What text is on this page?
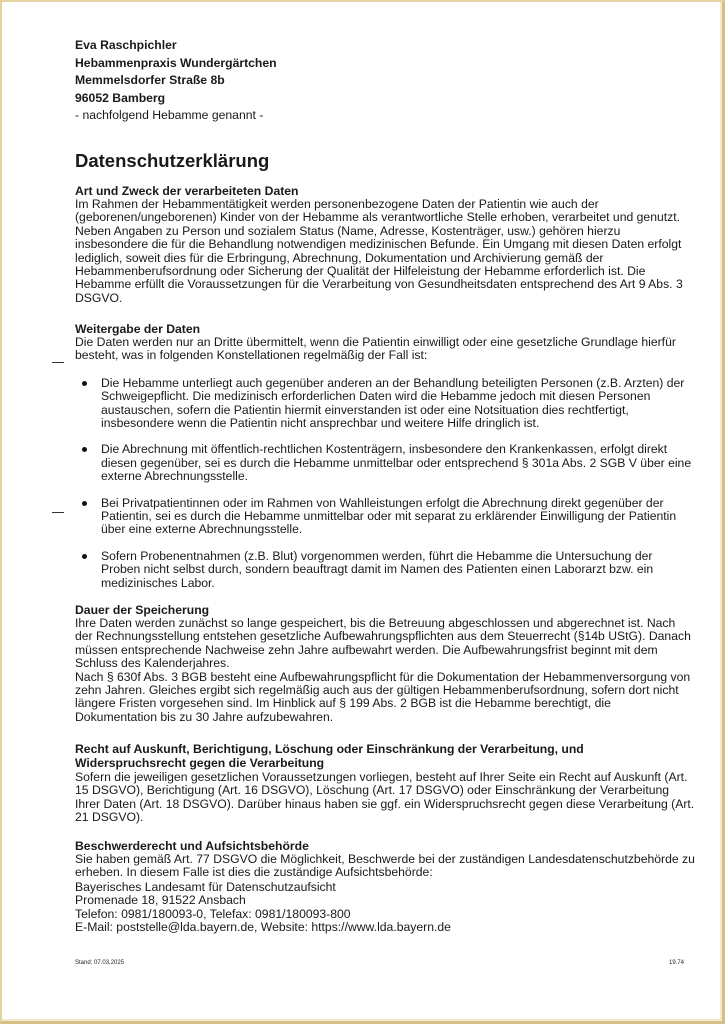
Eva Raschpichler
Hebammenpraxis Wundergärtchen
Memmelsdorfer Straße 8b
96052 Bamberg
- nachfolgend Hebamme genannt -
Datenschutzerklärung
Art und Zweck der verarbeiteten Daten

Im Rahmen der Hebammentätigkeit werden personenbezogene Daten der Patientin wie auch der (geborenen/ungeborenen) Kinder von der Hebamme als verantwortliche Stelle erhoben, verarbeitet und genutzt. Neben Angaben zu Person und sozialem Status (Name, Adresse, Kostenträger, usw.) gehören hierzu insbesondere die für die Behandlung notwendigen medizinischen Befunde. Ein Umgang mit diesen Daten erfolgt lediglich, soweit dies für die Erbringung, Abrechnung, Dokumentation und Archivierung gemäß der Hebammenberufsordnung oder Sicherung der Qualität der Hilfeleistung der Hebamme erforderlich ist. Die Hebamme erfüllt die Voraussetzungen für die Verarbeitung von Gesundheitsdaten entsprechend des Art 9 Abs. 3 DSGVO.

Weitergabe der Daten

Die Daten werden nur an Dritte übermittelt, wenn die Patientin einwilligt oder eine gesetzliche Grundlage hierfür besteht, was in folgenden Konstellationen regelmäßig der Fall ist:

Die Hebamme unterliegt auch gegenüber anderen an der Behandlung beteiligten Personen (z.B. Arzten) der Schweigepflicht. Die medizinisch erforderlichen Daten wird die Hebamme jedoch mit diesen Personen austauschen, sofern die Patientin hiermit einverstanden ist oder eine Notsituation dies rechtfertigt, insbesondere wenn die Patientin nicht ansprechbar und weitere Hilfe dringlich ist.
Die Abrechnung mit öffentlich-rechtlichen Kostenträgern, insbesondere den Krankenkassen, erfolgt direkt diesen gegenüber, sei es durch die Hebamme unmittelbar oder entsprechend § 301a Abs. 2 SGB V über eine externe Abrechnungsstelle.
Bei Privatpatientinnen oder im Rahmen von Wahlleistungen erfolgt die Abrechnung direkt gegenüber der Patientin, sei es durch die Hebamme unmittelbar oder mit separat zu erklärender Einwilligung der Patientin über eine externe Abrechnungsstelle.
Sofern Probenentnahmen (z.B. Blut) vorgenommen werden, führt die Hebamme die Untersuchung der Proben nicht selbst durch, sondern beauftragt damit im Namen des Patienten einen Laborarzt bzw. ein medizinisches Labor.
Dauer der Speicherung

Ihre Daten werden zunächst so lange gespeichert, bis die Betreuung abgeschlossen und abgerechnet ist. Nach der Rechnungsstellung entstehen gesetzliche Aufbewahrungspflichten aus dem Steuerrecht (§14b UStG). Danach müssen entsprechende Nachweise zehn Jahre aufbewahrt werden. Die Aufbewahrungsfrist beginnt mit dem Schluss des Kalenderjahres.

Nach § 630f Abs. 3 BGB besteht eine Aufbewahrungspflicht für die Dokumentation der Hebammenversorgung von zehn Jahren. Gleiches ergibt sich regelmäßig auch aus der gültigen Hebammenberufsordnung, sofern dort nicht längere Fristen vorgesehen sind. Im Hinblick auf § 199 Abs. 2 BGB ist die Hebamme berechtigt, die Dokumentation bis zu 30 Jahre aufzubewahren.

Recht auf Auskunft, Berichtigung, Löschung oder Einschränkung der Verarbeitung, und Widerspruchsrecht gegen die Verarbeitung

Sofern die jeweiligen gesetzlichen Voraussetzungen vorliegen, besteht auf Ihrer Seite ein Recht auf Auskunft (Art. 15 DSGVO), Berichtigung (Art. 16 DSGVO), Löschung (Art. 17 DSGVO) oder Einschränkung der Verarbeitung Ihrer Daten (Art. 18 DSGVO). Darüber hinaus haben sie ggf. ein Widerspruchsrecht gegen diese Verarbeitung (Art. 21 DSGVO).

Beschwerderecht und Aufsichtsbehörde

Sie haben gemäß Art. 77 DSGVO die Möglichkeit, Beschwerde bei der zuständigen Landesdatenschutzbehörde zu erheben. In diesem Falle ist dies die zuständige Aufsichtsbehörde:

Bayerisches Landesamt für Datenschutzaufsicht

Promenade 18, 91522 Ansbach

Telefon: 0981/180093-0, Telefax: 0981/180093-800

E-Mail: poststelle@lda.bayern.de, Website: https://www.lda.bayern.de

Stand: 07.03.2025	19.74
